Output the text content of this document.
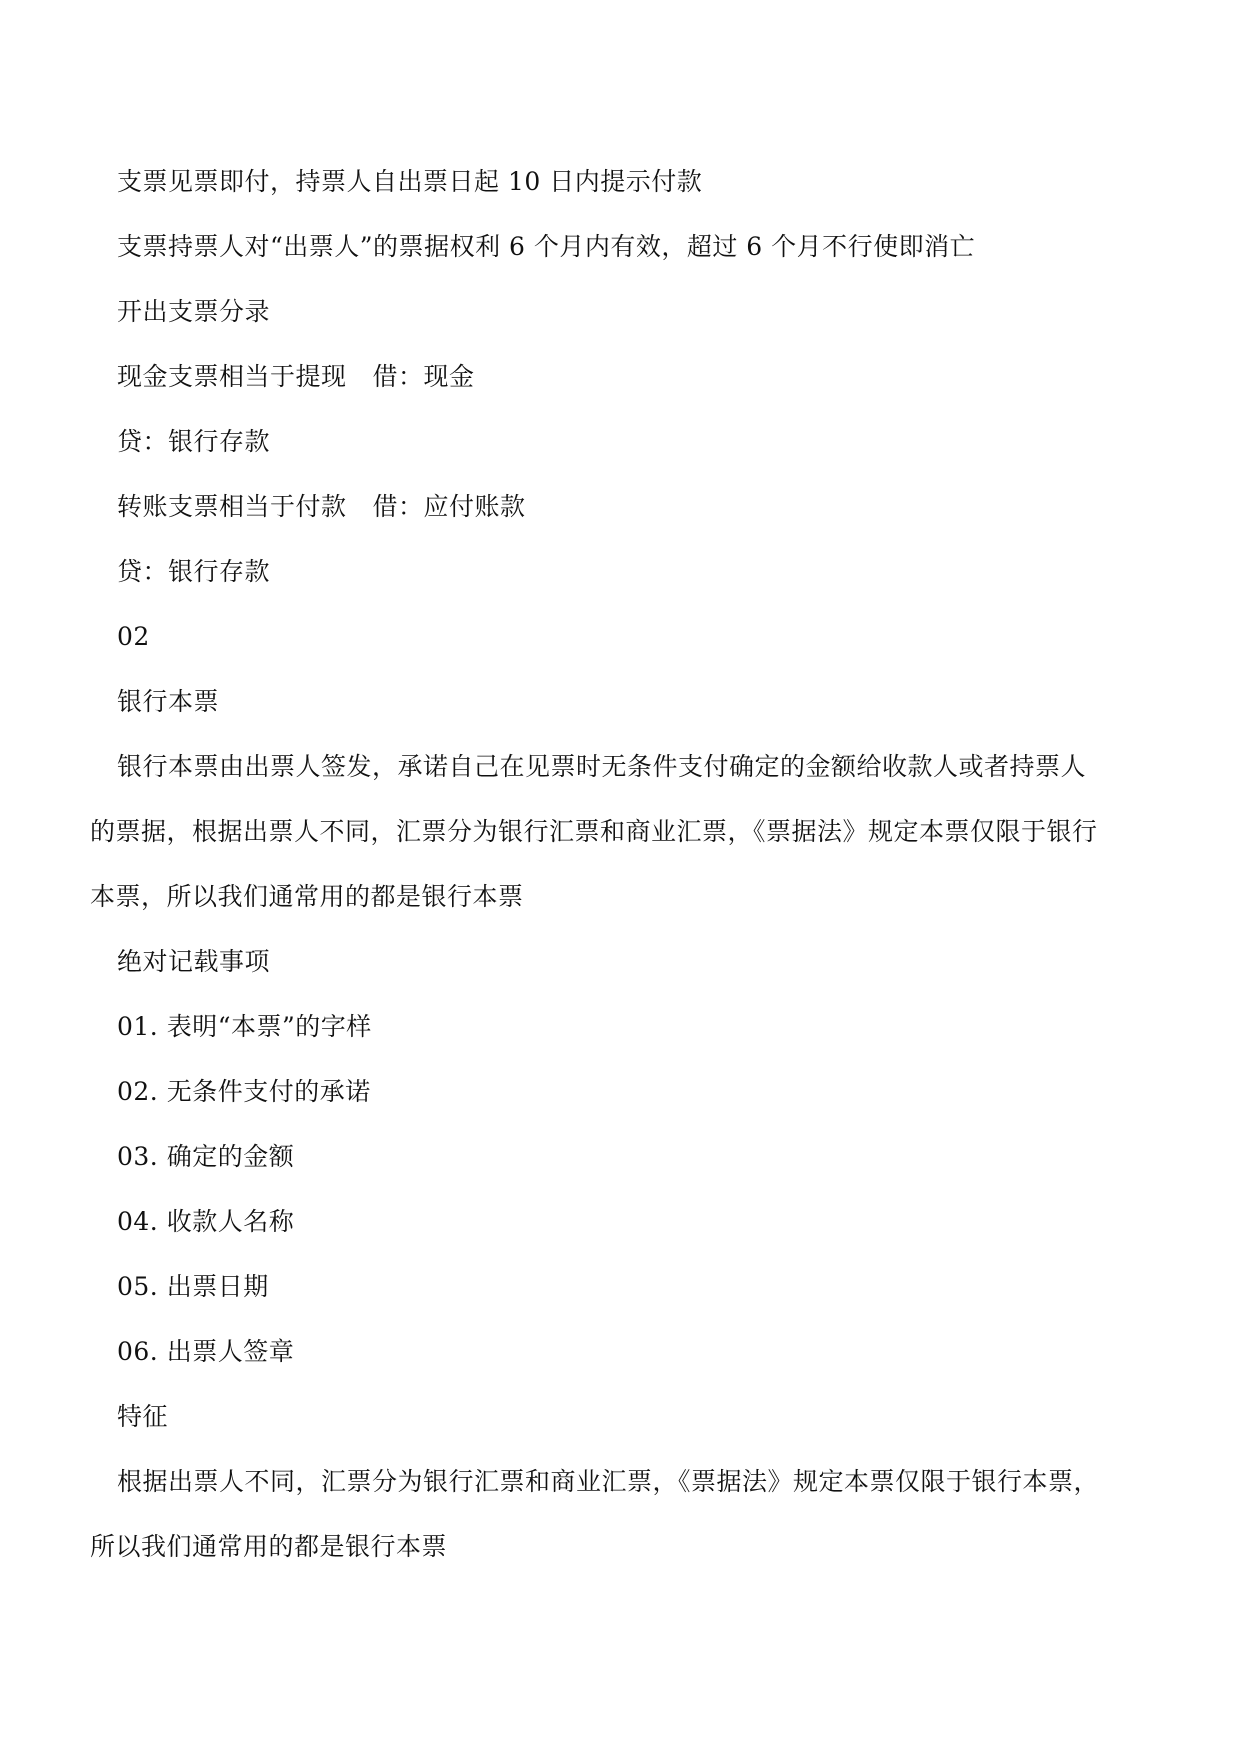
支票见票即付，持票人自出票日起 10 日内提示付款
支票持票人对“出票人”的票据权利 6 个月内有效，超过 6 个月不行使即消亡
开出支票分录
现金支票相当于提现 借：现金
贷：银行存款
转账支票相当于付款 借：应付账款
贷：银行存款
02
银行本票
银行本票由出票人签发，承诺自己在见票时无条件支付确定的金额给收款人或者持票人
的票据，根据出票人不同，汇票分为银行汇票和商业汇票，《票据法》规定本票仅限于银行
本票，所以我们通常用的都是银行本票
绝对记载事项
01. 表明“本票”的字样
02. 无条件支付的承诺
03. 确定的金额
04. 收款人名称
05. 出票日期
06. 出票人签章
特征
根据出票人不同，汇票分为银行汇票和商业汇票，《票据法》规定本票仅限于银行本票，
所以我们通常用的都是银行本票
